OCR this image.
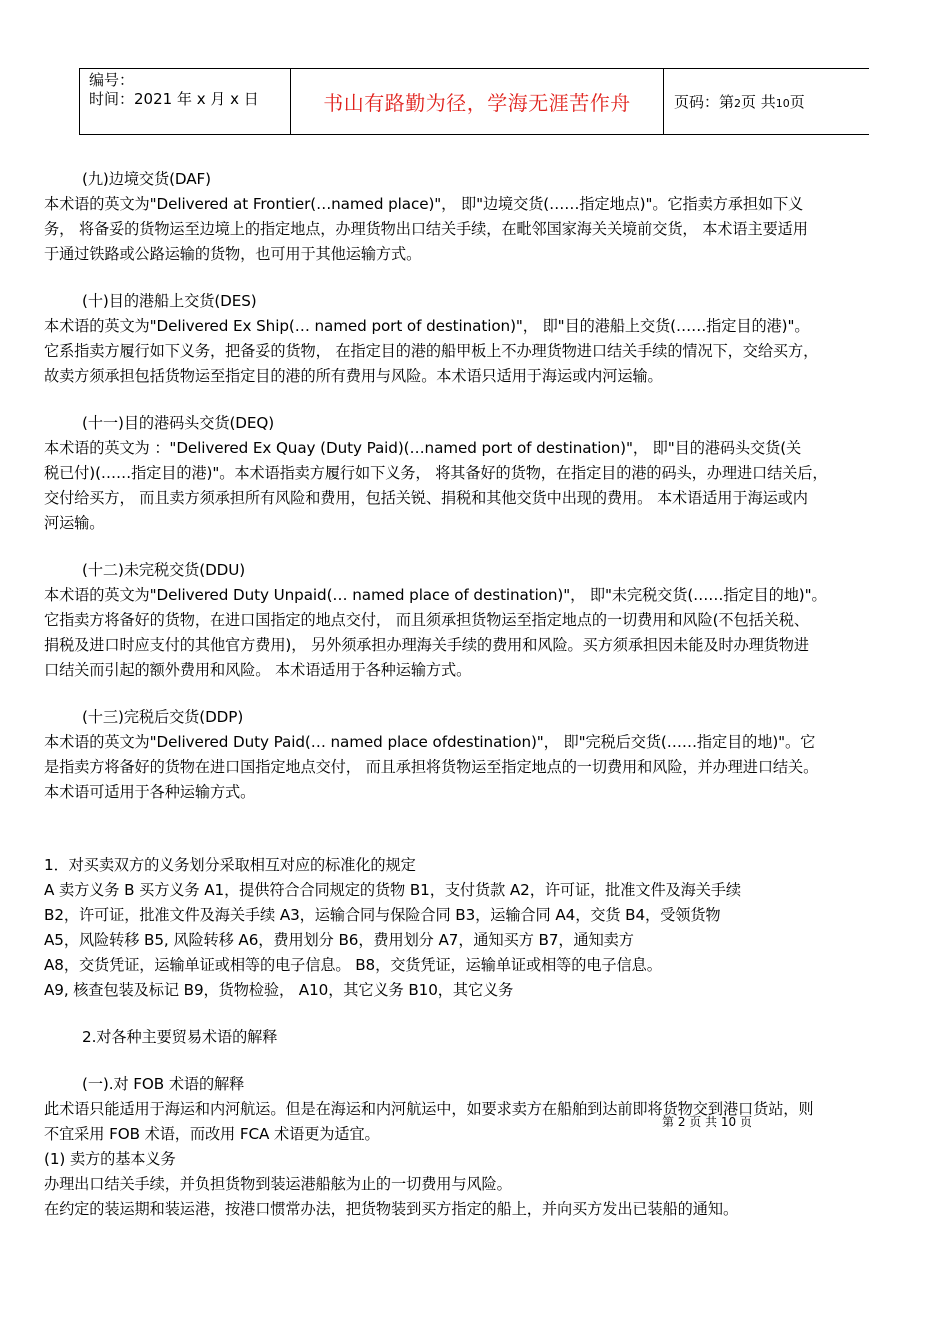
编号：
时间：2021 年 x 月 x 日	书山有路勤为径，学海无涯苦作舟	页码：第2页 共10页

(九)边境交货(DAF)

本术语的英文为"Delivered at Frontier(…named place)"， 即"边境交货(……指定地点)"。它指卖方承担如下义

务， 将备妥的货物运至边境上的指定地点，办理货物出口结关手续，在毗邻国家海关关境前交货， 本术语主要适用

于通过铁路或公路运输的货物，也可用于其他运输方式。

(十)目的港船上交货(DES)

本术语的英文为"Delivered Ex Ship(… named port of destination)"， 即"目的港船上交货(……指定目的港)"。

它系指卖方履行如下义务，把备妥的货物， 在指定目的港的船甲板上不办理货物进口结关手续的情况下，交给买方，

故卖方须承担包括货物运至指定目的港的所有费用与风险。本术语只适用于海运或内河运输。

(十一)目的港码头交货(DEQ)

本术语的英文为 ："Delivered Ex Quay (Duty Paid)(…named port of destination)"， 即"目的港码头交货(关

税已付)(……指定目的港)"。本术语指卖方履行如下义务， 将其备好的货物，在指定目的港的码头，办理进口结关后，

交付给买方， 而且卖方须承担所有风险和费用，包括关锐、捐税和其他交货中出现的费用。 本术语适用于海运或内

河运输。

(十二)未完税交货(DDU)

本术语的英文为"Delivered Duty Unpaid(… named place of destination)"， 即"未完税交货(……指定目的地)"。

它指卖方将备好的货物，在进口国指定的地点交付， 而且须承担货物运至指定地点的一切费用和风险(不包括关税、

捐税及进口时应支付的其他官方费用)， 另外须承担办理海关手续的费用和风险。买方须承担因未能及时办理货物进

口结关而引起的额外费用和风险。 本术语适用于各种运输方式。

(十三)完税后交货(DDP)

本术语的英文为"Delivered Duty Paid(… named place ofdestination)"， 即"完税后交货(……指定目的地)"。它

是指卖方将备好的货物在进口国指定地点交付， 而且承担将货物运至指定地点的一切费用和风险，并办理进口结关。

本术语可适用于各种运输方式。

1．对买卖双方的义务划分采取相互对应的标准化的规定

A 卖方义务 B 买方义务 A1，提供符合合同规定的货物 B1，支付货款 A2，许可证，批准文件及海关手续

B2，许可证，批准文件及海关手续 A3，运输合同与保险合同 B3，运输合同 A4，交货 B4，受领货物

A5，风险转移 B5, 风险转移 A6，费用划分 B6，费用划分 A7，通知买方 B7，通知卖方

A8，交货凭证，运输单证或相等的电子信息。 B8，交货凭证，运输单证或相等的电子信息。

A9, 核查包装及标记 B9，货物检验， A10，其它义务 B10，其它义务

2.对各种主要贸易术语的解释

(一).对 FOB 术语的解释

此术语只能适用于海运和内河航运。但是在海运和内河航运中，如要求卖方在船舶到达前即将货物交到港口货站，则

不宜采用 FOB 术语，而改用 FCA 术语更为适宜。

(1) 卖方的基本义务

办理出口结关手续，并负担货物到装运港船舷为止的一切费用与风险。

在约定的装运期和装运港，按港口惯常办法，把货物装到买方指定的船上，并向买方发出已装船的通知。

第 2 页 共 10 页
